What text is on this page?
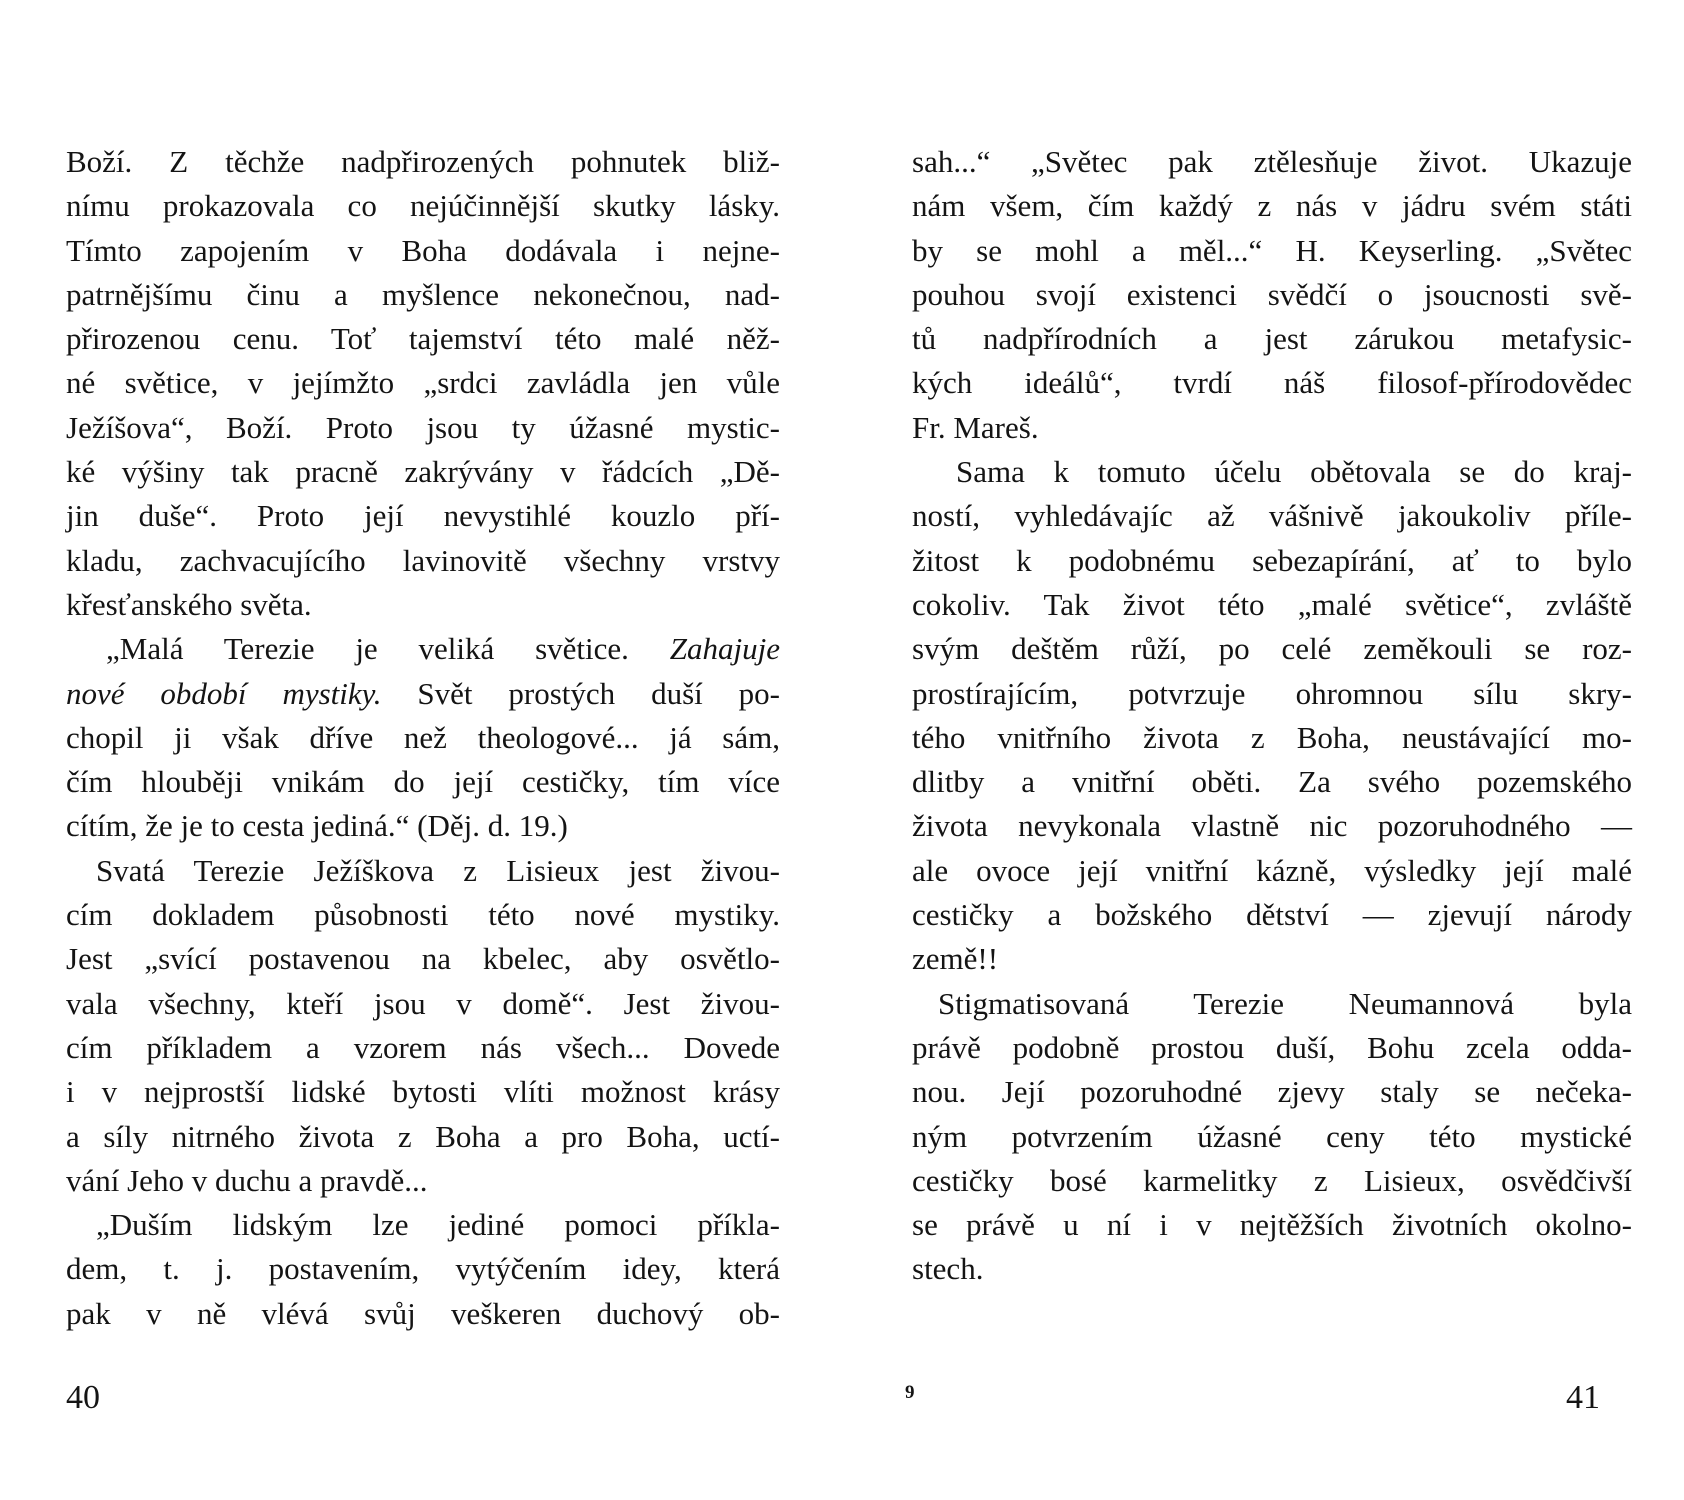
Boží. Z těchže nadpřirozených pohnutek bliž-
nímu prokazovala co nejúčinnější skutky lásky.
Tímto zapojením v Boha dodávala i nejne-
patrnějšímu činu a myšlence nekonečnou, nad-
přirozenou cenu. Toť tajemství této malé něž-
né světice, v jejímžto „srdci zavládla jen vůle
Ježíšova“, Boží. Proto jsou ty úžasné mystic-
ké výšiny tak pracně zakrývány v řádcích „Dě-
jin duše“. Proto její nevystihlé kouzlo pří-
kladu, zachvacujícího lavinovitě všechny vrstvy
křesťanského světa.
„Malá Terezie je veliká světice. Zahajuje
nové období mystiky. Svět prostých duší po-
chopil ji však dříve než theologové... já sám,
čím hlouběji vnikám do její cestičky, tím více
cítím, že je to cesta jediná.“ (Děj. d. 19.)
Svatá Terezie Ježíškova z Lisieux jest živou-
cím dokladem působnosti této nové mystiky.
Jest „svící postavenou na kbelec, aby osvětlo-
vala všechny, kteří jsou v domě“. Jest živou-
cím příkladem a vzorem nás všech... Dovede
i v nejprostší lidské bytosti vlíti možnost krásy
a síly nitrného života z Boha a pro Boha, uctí-
vání Jeho v duchu a pravdě...
„Duším lidským lze jediné pomoci příkla-
dem, t. j. postavením, vytýčením idey, která
pak v ně vlévá svůj veškeren duchový ob-
sah...“ „Světec pak ztělesňuje život. Ukazuje
nám všem, čím každý z nás v jádru svém státi
by se mohl a měl...“ H. Keyserling. „Světec
pouhou svojí existenci svědčí o jsoucnosti svě-
tů nadpřírodních a jest zárukou metafysic-
kých ideálů“, tvrdí náš filosof-přírodovědec
Fr. Mareš.
Sama k tomuto účelu obětovala se do kraj-
ností, vyhledávajíc až vášnivě jakoukoliv příle-
žitost k podobnému sebezapírání, ať to bylo
cokoliv. Tak život této „malé světice“, zvláště
svým deštěm růží, po celé zeměkouli se roz-
prostírajícím, potvrzuje ohromnou sílu skry-
tého vnitřního života z Boha, neustávající mo-
dlitby a vnitřní oběti. Za svého pozemského
života nevykonala vlastně nic pozoruhodného —
ale ovoce její vnitřní kázně, výsledky její malé
cestičky a božského dětství — zjevují národy
země!!
Stigmatisovaná Terezie Neumannová byla
právě podobně prostou duší, Bohu zcela odda-
nou. Její pozoruhodné zjevy staly se nečeka-
ným potvrzením úžasné ceny této mystické
cestičky bosé karmelitky z Lisieux, osvědčivší
se právě u ní i v nejtěžších životních okolno-
stech.
40	9	41
